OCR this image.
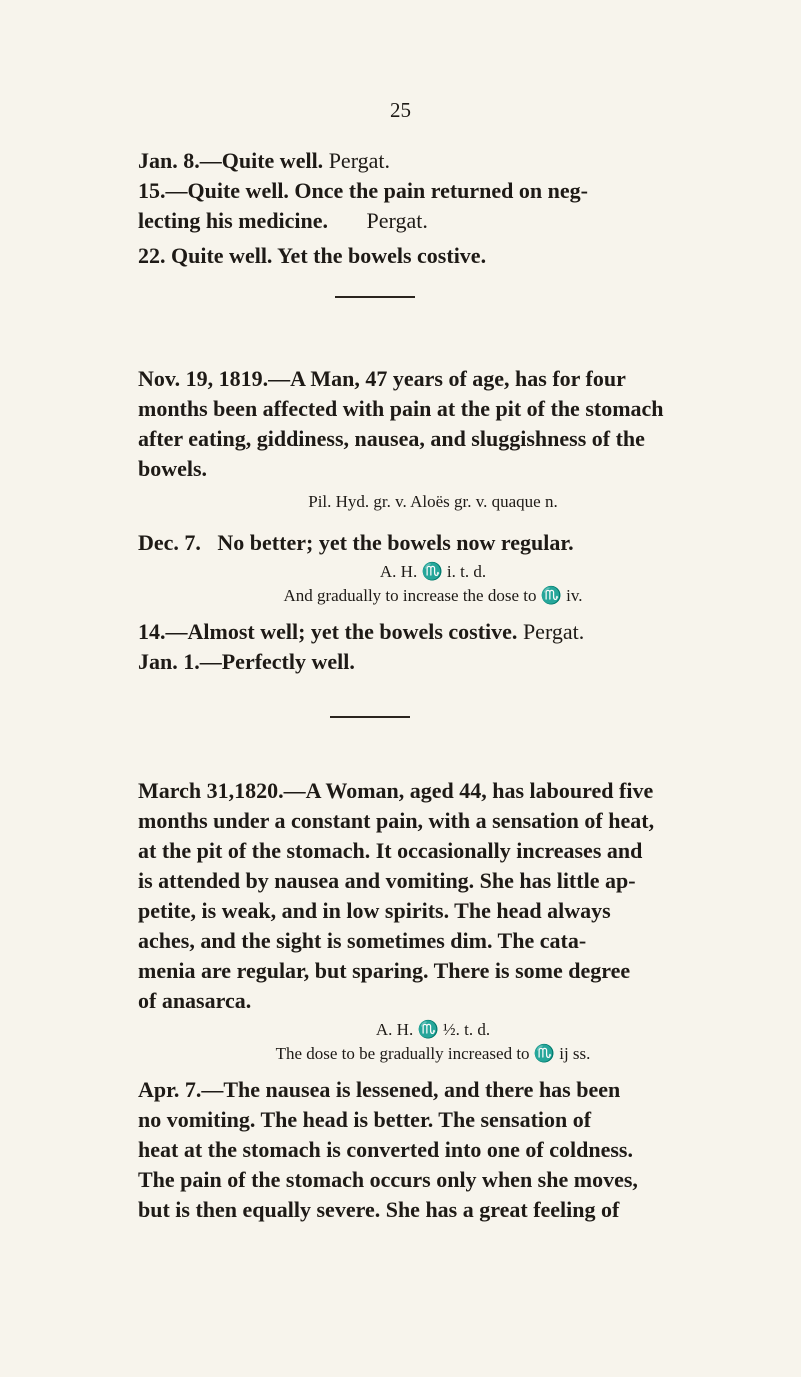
25

Jan. 8.—Quite well. Pergat.

15.—Quite well. Once the pain returned on neg-

lecting his medicine. Pergat.

22. Quite well. Yet the bowels costive.

Nov. 19, 1819.—A Man, 47 years of age, has for four

months been affected with pain at the pit of the stomach

after eating, giddiness, nausea, and sluggishness of the

bowels.

Pil. Hyd. gr. v. Aloës gr. v. quaque n.

Dec. 7.   No better; yet the bowels now regular.

A. H. ♏ i. t. d.

And gradually to increase the dose to ♏ iv.

14.—Almost well; yet the bowels costive. Pergat.

Jan. 1.—Perfectly well.

March 31,1820.—A Woman, aged 44, has laboured five

months under a constant pain, with a sensation of heat,

at the pit of the stomach. It occasionally increases and

is attended by nausea and vomiting. She has little ap-

petite, is weak, and in low spirits. The head always

aches, and the sight is sometimes dim. The cata-

menia are regular, but sparing. There is some degree

of anasarca.

A. H. ♏ ½. t. d.

The dose to be gradually increased to ♏ ij ss.

Apr. 7.—The nausea is lessened, and there has been

no vomiting. The head is better. The sensation of

heat at the stomach is converted into one of coldness.

The pain of the stomach occurs only when she moves,

but is then equally severe. She has a great feeling of
